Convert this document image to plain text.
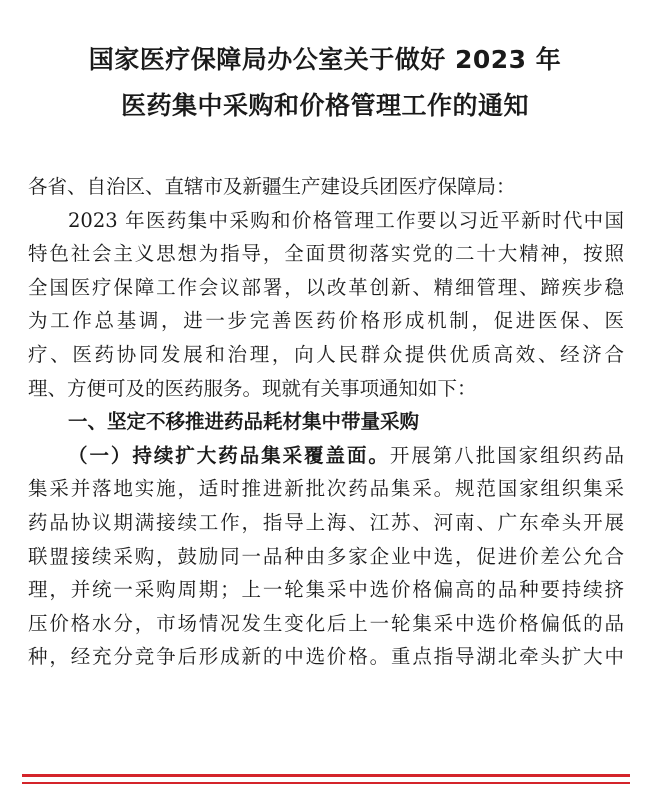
国家医疗保障局办公室关于做好 2023 年
医药集中采购和价格管理工作的通知
各省、自治区、直辖市及新疆生产建设兵团医疗保障局：
2023 年医药集中采购和价格管理工作要以习近平新时代中国
特色社会主义思想为指导，全面贯彻落实党的二十大精神，按照
全国医疗保障工作会议部署，以改革创新、精细管理、蹄疾步稳
为工作总基调，进一步完善医药价格形成机制，促进医保、医
疗、医药协同发展和治理，向人民群众提供优质高效、经济合
理、方便可及的医药服务。现就有关事项通知如下：
一、坚定不移推进药品耗材集中带量采购
（一）持续扩大药品集采覆盖面。开展第八批国家组织药品
集采并落地实施，适时推进新批次药品集采。规范国家组织集采
药品协议期满接续工作，指导上海、江苏、河南、广东牵头开展
联盟接续采购，鼓励同一品种由多家企业中选，促进价差公允合
理，并统一采购周期；上一轮集采中选价格偏高的品种要持续挤
压价格水分，市场情况发生变化后上一轮集采中选价格偏低的品
种，经充分竞争后形成新的中选价格。重点指导湖北牵头扩大中
